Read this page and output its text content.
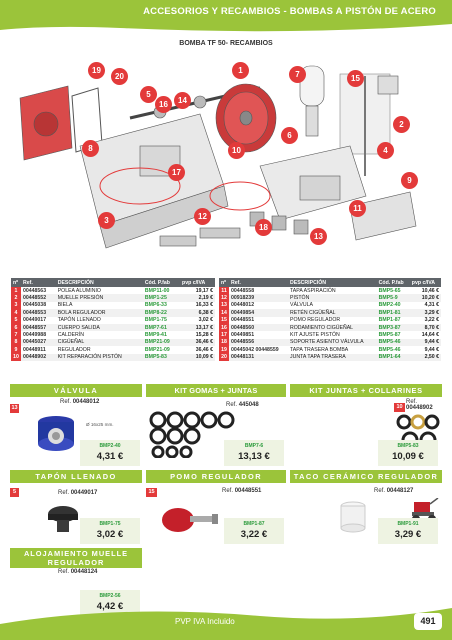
ACCESORIOS Y RECAMBIOS - BOMBAS A PISTÓN DE ACERO
BOMBA TF 50- RECAMBIOS
19
20
1	7	15
5
16	14
2
8
6
10	4
17
9
3	12
18
11
13
nº	Ref.	DESCRIPCIÓN	Cód. P.fab	pvp c/IVA
1	00448563	POLEA ALUMINIO	BMP11-00	19,17 €
2	00448552	MUELLE PRESIÓN	BMP1-25	2,19 €
3	00445038	BIELA	BMP6-33	16,33 €
4	00448553	BOLA REGULADOR	BMP8-22	6,38 €
5	00449017	TAPÓN LLENADO	BMP1-75	3,02 €
6	00448557	CUERPO SALIDA	BMP7-61	13,17 €
7	00449988	CALDERÍN	BMP9-41	15,28 €
8	00445027	CIGÜEÑAL	BMP21-09	36,46 €
9	00448911	REGULADOR	BMP21-09	36,46 €
10	00448902	KIT REPARACIÓN PISTÓN	BMP5-83	10,09 €
nº	Ref.	DESCRIPCIÓN	Cód. P.fab	pvp c/IVA
11	00448558	TAPA ASPIRACIÓN	BMP5-65	10,46 €
12	00918239	PISTÓN	BMP5-9	10,20 €
13	00448012	VÁLVULA	BMP2-40	4,31 €
14	00449854	RETÉN CIGÜEÑAL	BMP1-81	3,29 €
15	00448551	POMO REGULADOR	BMP1-87	3,22 €
16	00448560	RODAMIENTO CIGÜEÑAL	BMP3-87	8,70 €
17	00449851	KIT AJUSTE PISTÓN	BMP5-87	14,64 €
18	00448556	SOPORTE ASIENTO VÁLVULA	BMP5-46	9,44 €
19	00445042 00448559	TAPA TRASERA BOMBA	BMP5-46	9,44 €
20	00448131	JUNTA TAPA TRASERA	BMP1-64	2,50 €
VÁLVULA
13
Ref. 00448012
Ø 16x25 mm.
BMP2-40
4,31 €
KIT GOMAS + JUNTAS
Ref. 445048
BMP7-6
13,13 €
KIT JUNTAS + COLLARINES
10
Ref. 00448902
BMP5-83
10,09 €
TAPÓN LLENADO
5	Ref. 00449017
BMP1-75
3,02 €
POMO REGULADOR
15	Ref. 00448551
BMP1-87
3,22 €
TACO CERÁMICO REGULADOR
Ref. 00448127
BMP1-91
3,29 €
ALOJAMIENTO MUELLE REGULADOR
Ref. 00448124
BMP2-56
4,42 €
PVP IVA Incluido	491
